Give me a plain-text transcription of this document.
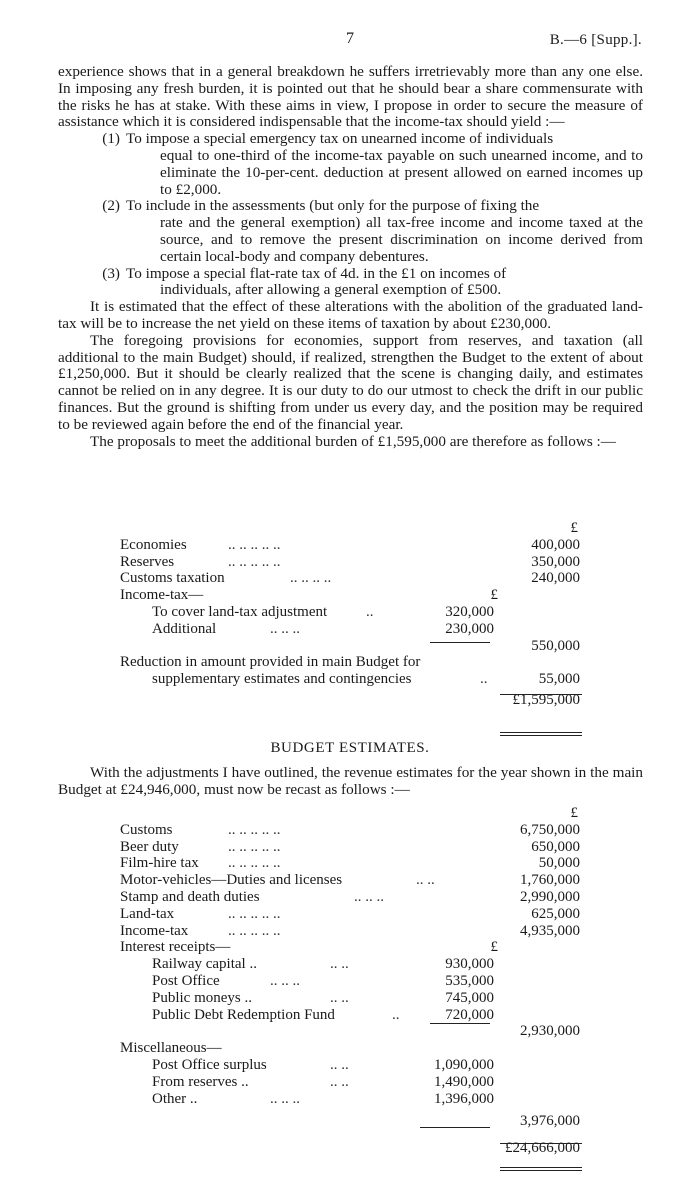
7	B.—6 [Supp.].

experience shows that in a general breakdown he suffers irretrievably more than any one else. In imposing any fresh burden, it is pointed out that he should bear a share commensurate with the risks he has at stake. With these aims in view, I propose in order to secure the measure of assistance which it is considered indispensable that the income-tax should yield :—

(1) To impose a special emergency tax on unearned income of individuals
equal to one-third of the income-tax payable on such unearned income, and to eliminate the 10-per-cent. deduction at present allowed on earned incomes up to £2,000.
(2) To include in the assessments (but only for the purpose of fixing the
rate and the general exemption) all tax-free income and income taxed at the source, and to remove the present discrimination on income derived from certain local-body and company debentures.
(3) To impose a special flat-rate tax of 4d. in the £1 on incomes of
individuals, after allowing a general exemption of £500.

It is estimated that the effect of these alterations with the abolition of the graduated land-tax will be to increase the net yield on these items of taxation by about £230,000.

The foregoing provisions for economies, support from reserves, and taxation (all additional to the main Budget) should, if realized, strengthen the Budget to the extent of about £1,250,000. But it should be clearly realized that the scene is changing daily, and estimates cannot be relied on in any degree. It is our duty to do our utmost to check the drift in our public finances. But the ground is shifting from under us every day, and the position may be required to be reviewed again before the end of the financial year.

The proposals to meet the additional burden of £1,595,000 are therefore as follows :—

£
Economies	.. .. .. .. ..	400,000
Reserves	.. .. .. .. ..	350,000
Customs taxation	.. .. .. ..	240,000
Income-tax—	£
To cover land-tax adjustment	..	320,000
Additional	.. .. ..	230,000
550,000
Reduction in amount provided in main Budget for
supplementary estimates and contingencies	..	55,000
£1,595,000
BUDGET ESTIMATES.

With the adjustments I have outlined, the revenue estimates for the year shown in the main Budget at £24,946,000, must now be recast as follows :—

£
Customs	.. .. .. .. ..	6,750,000
Beer duty	.. .. .. .. ..	650,000
Film-hire tax .. .. .. .. ..	50,000
Motor-vehicles—Duties and licenses	.. ..	1,760,000
Stamp and death duties	.. .. ..	2,990,000
Land-tax	.. .. .. .. ..	625,000
Income-tax	.. .. .. .. ..	4,935,000
Interest receipts—	£
Railway capital ..	.. ..	930,000
Post Office	.. .. ..	535,000
Public moneys ..	.. ..	745,000
Public Debt Redemption Fund	..	720,000
2,930,000
Miscellaneous—
Post Office surplus	.. ..	1,090,000
From reserves ..	.. ..	1,490,000
Other ..	.. .. ..	1,396,000
3,976,000
£24,666,000
